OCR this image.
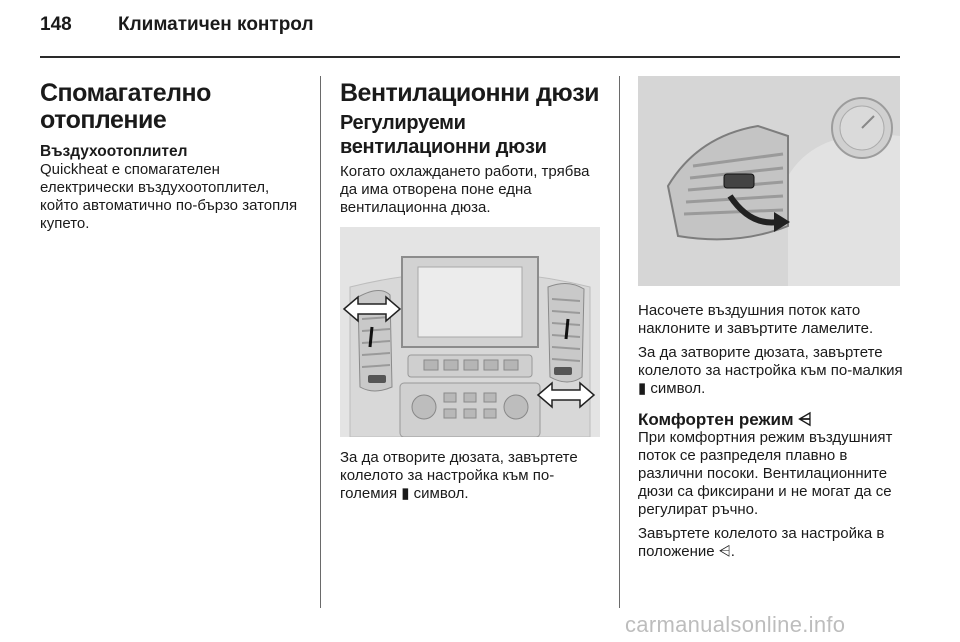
148 Климатичен контрол
Спомагателно отопление
Въздухоотоплител

Quickheat е спомагателен електрически въздухоотоплител, който автоматично по-бързо затопля купето.

Вентилационни дюзи
Регулируеми вентилационни дюзи

Когато охлаждането работи, трябва да има отворена поне една вентилационна дюза.

За да отворите дюзата, завъртете колелото за настройка към по-големия ▮ символ.

Насочете въздушния поток като наклоните и завъртите ламелите.

За да затворите дюзата, завъртете колелото за настройка към по-малкия ▮ символ.

Комфортен режим ⩤

При комфортния режим въздушният поток се разпределя плавно в различни посоки. Вентилационните дюзи са фиксирани и не могат да се регулират ръчно.

Завъртете колелото за настройка в положение ⩤.

carmanualsonline.info
